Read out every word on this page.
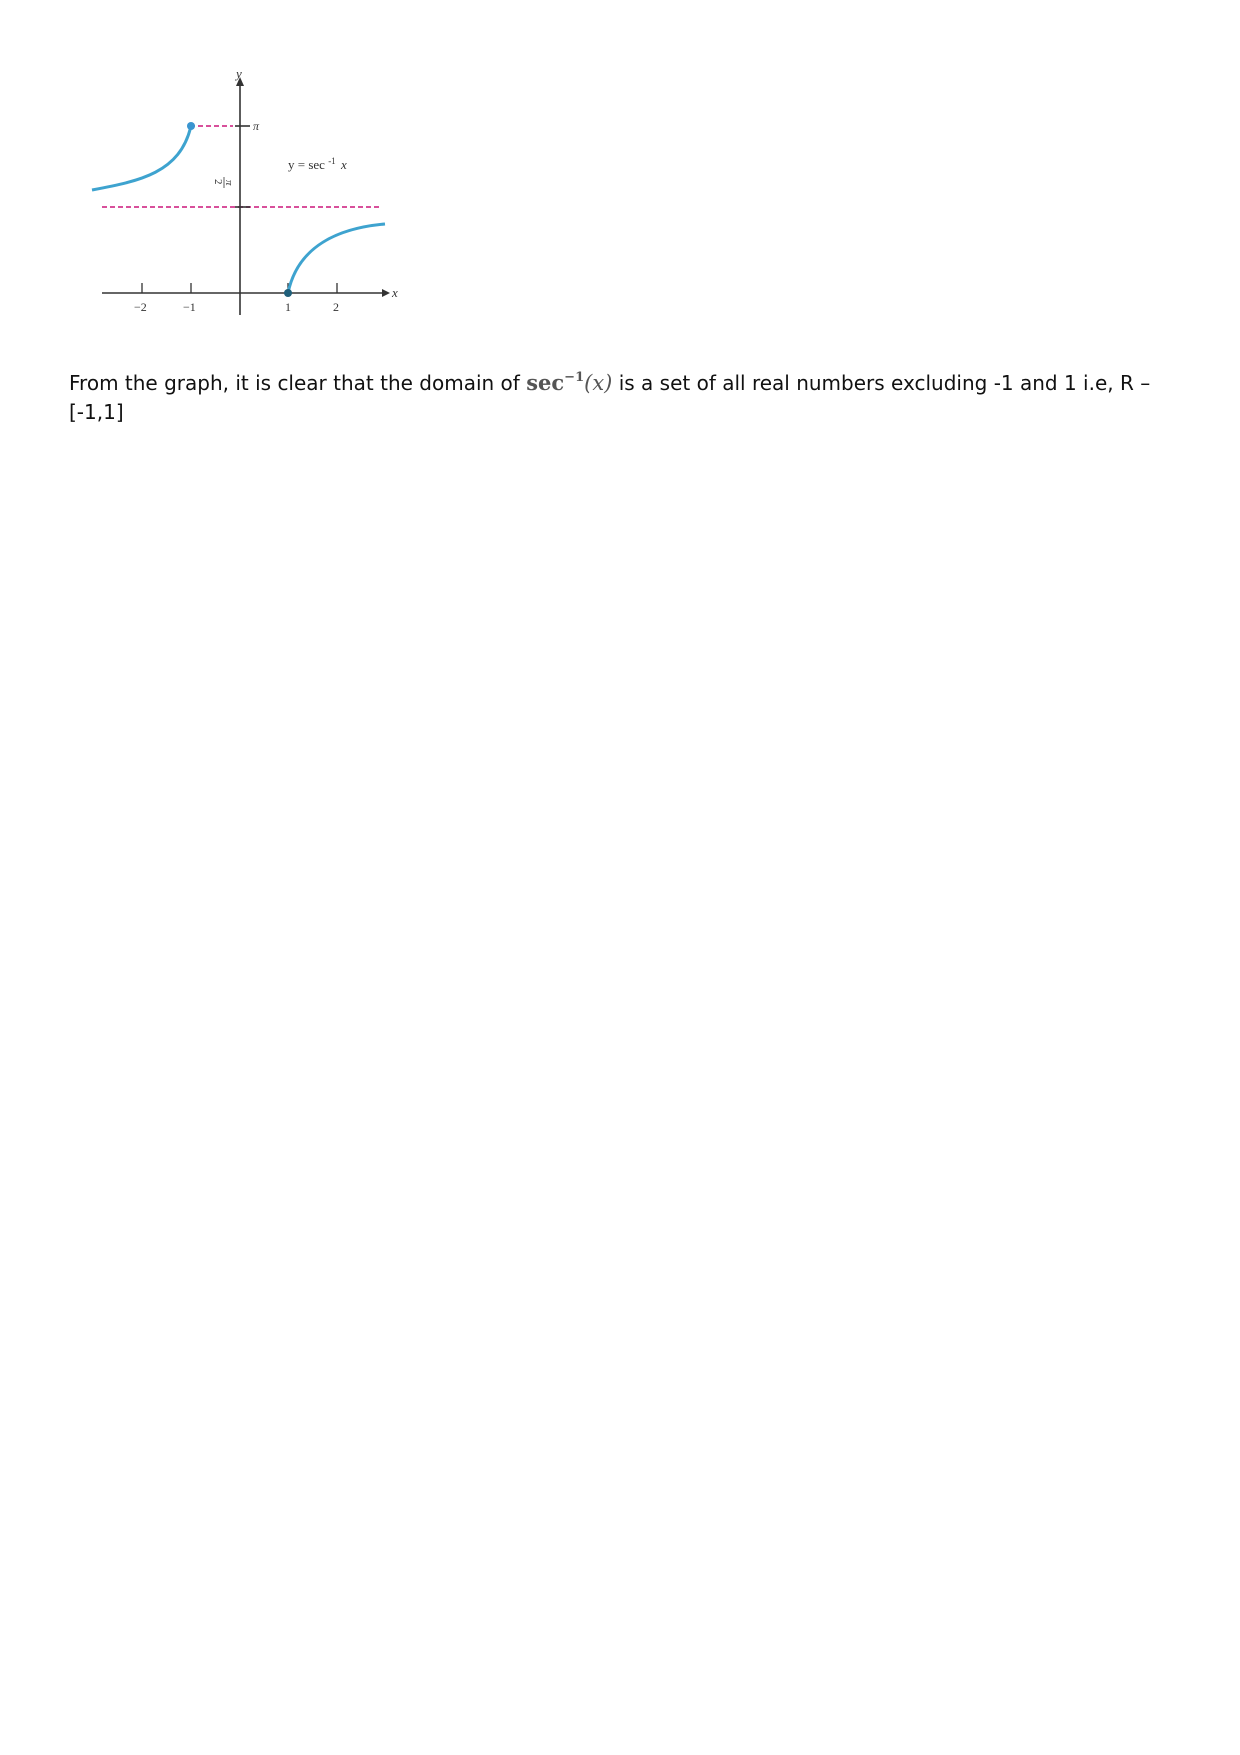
y
x
π
π
2
y = sec $^{-1}$ x
−2	−1	1	2

From the graph, it is clear that the domain of $\sec^{-1}(x)$ is a set of all real numbers excluding -1 and 1 i.e, R – [-1,1]
